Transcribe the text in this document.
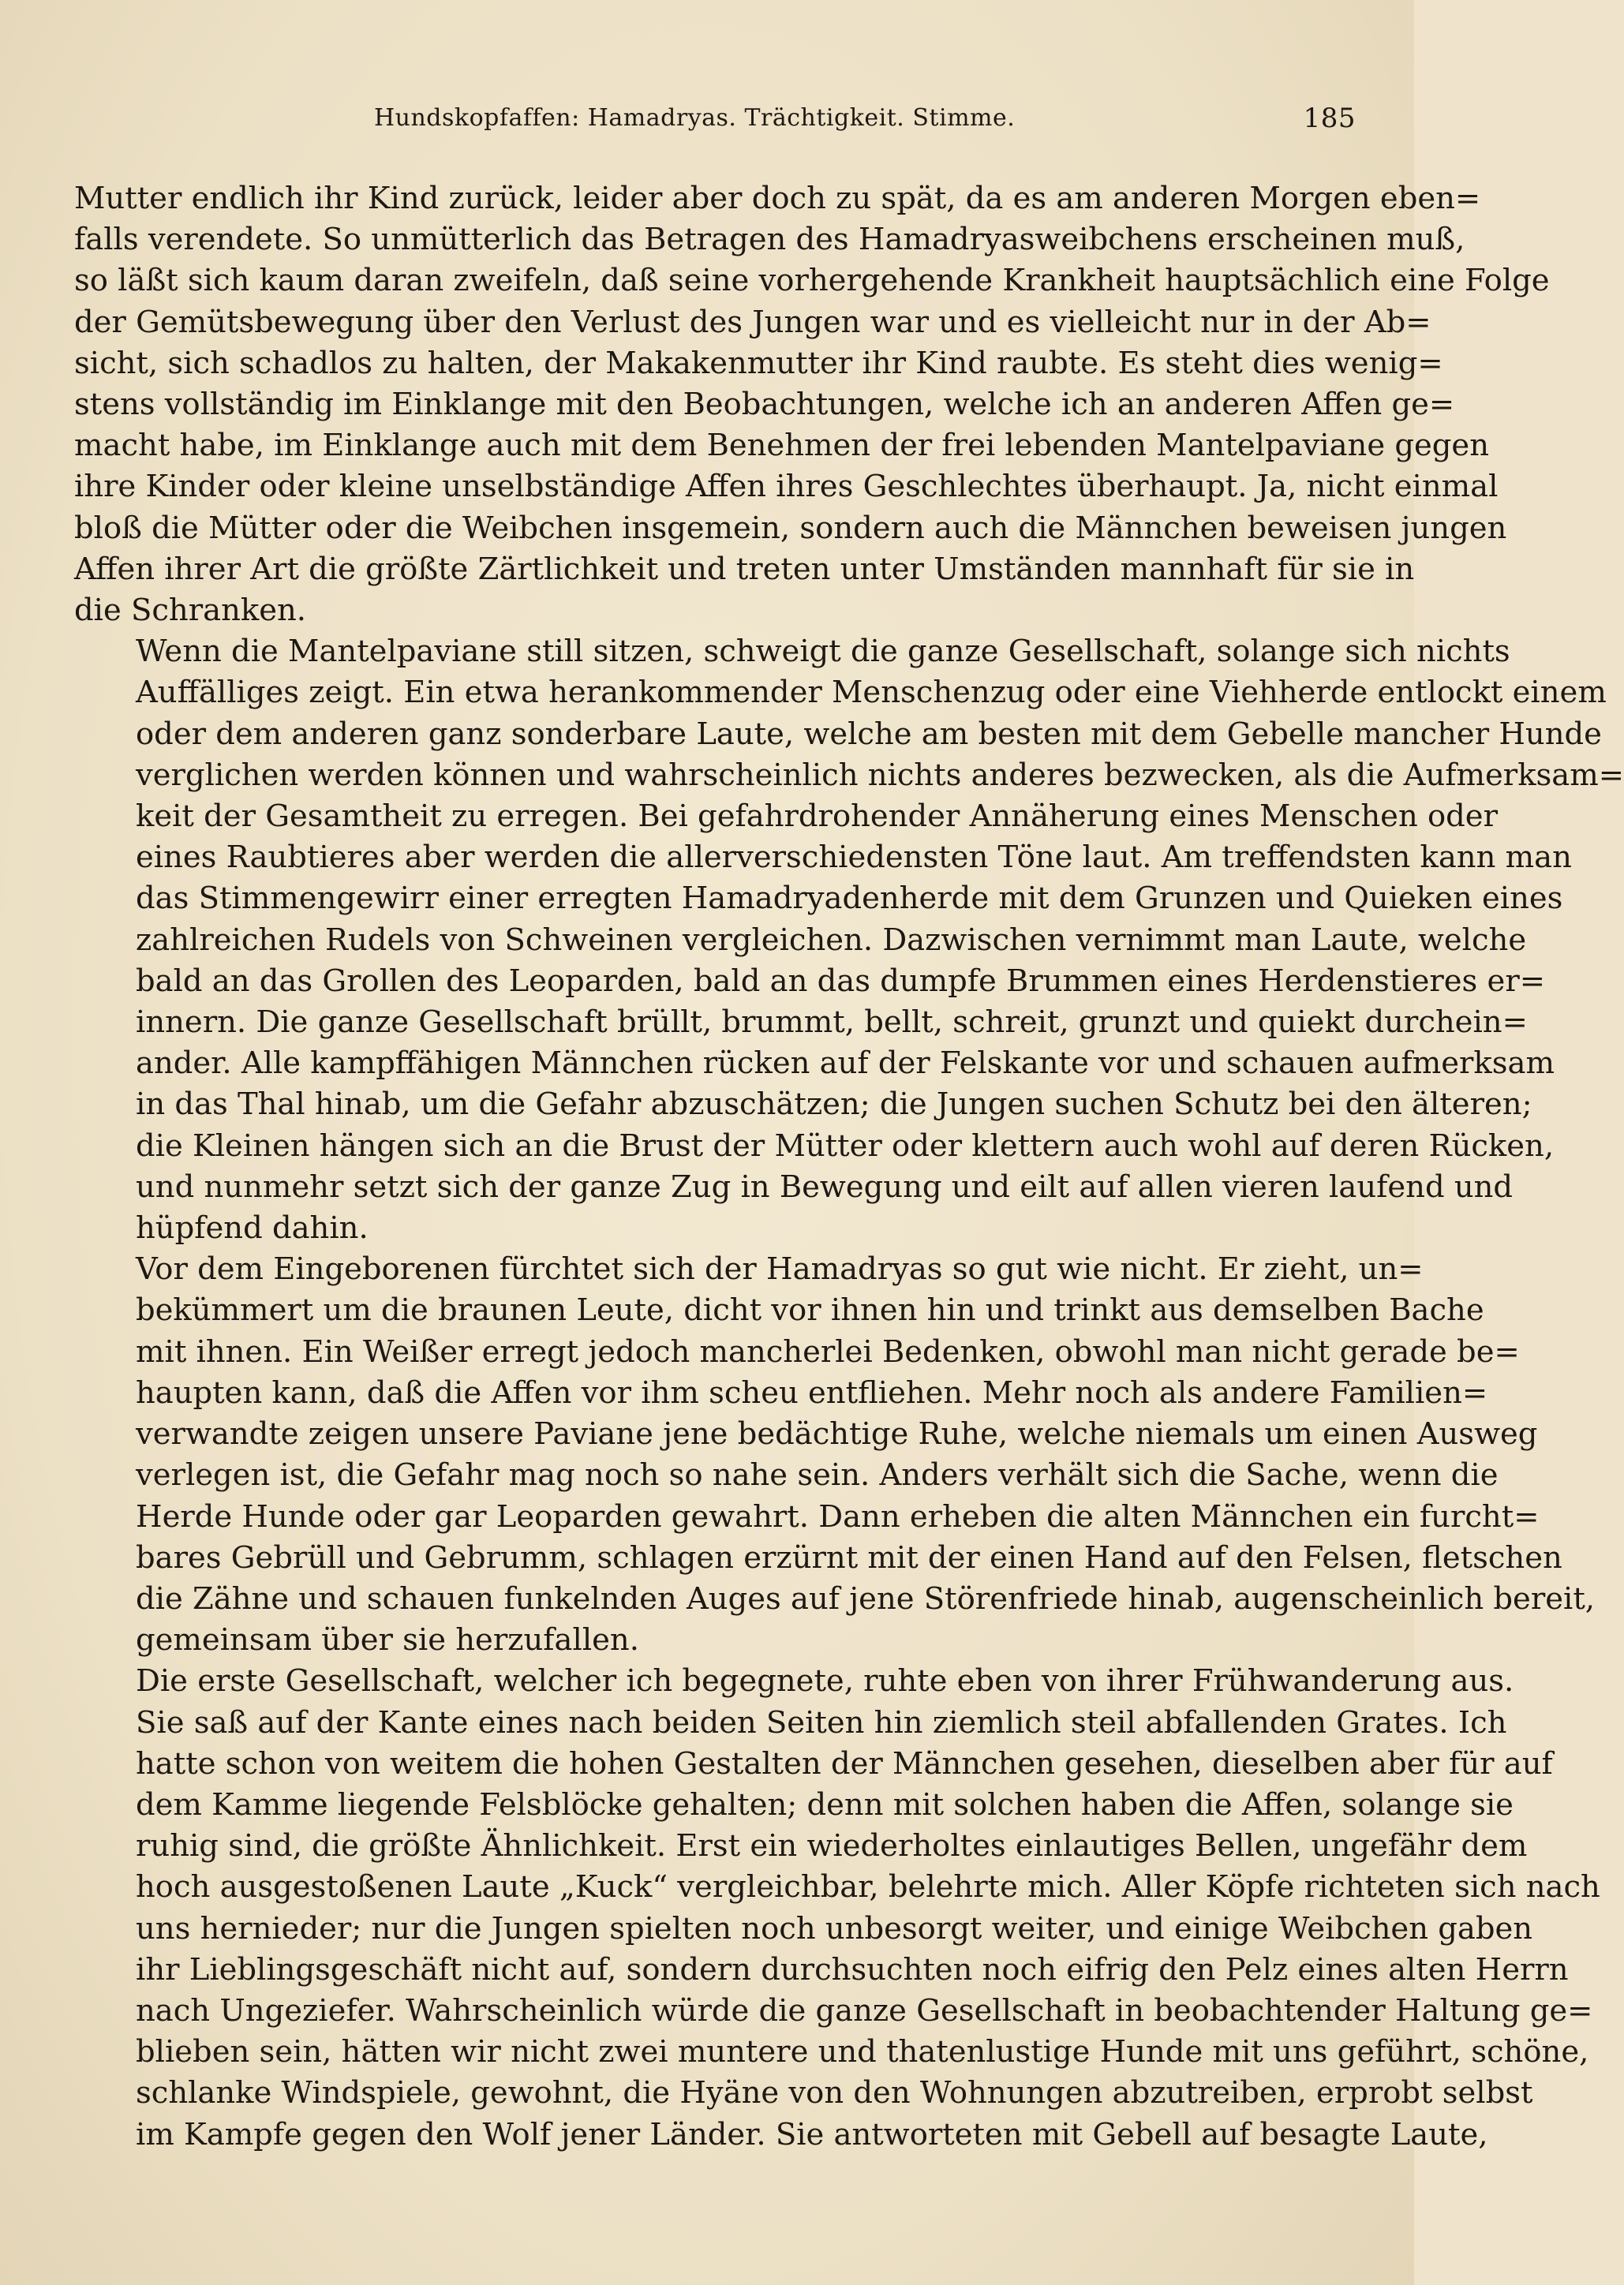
Hundskopfaffen: Hamadryas. Trächtigkeit. Stimme.	185

Mutter endlich ihr Kind zurück, leider aber doch zu spät, da es am anderen Morgen eben=
falls verendete. So unmütterlich das Betragen des Hamadryasweibchens erscheinen muß,
so läßt sich kaum daran zweifeln, daß seine vorhergehende Krankheit hauptsächlich eine Folge
der Gemütsbewegung über den Verlust des Jungen war und es vielleicht nur in der Ab=
sicht, sich schadlos zu halten, der Makakenmutter ihr Kind raubte. Es steht dies wenig=
stens vollständig im Einklange mit den Beobachtungen, welche ich an anderen Affen ge=
macht habe, im Einklange auch mit dem Benehmen der frei lebenden Mantelpaviane gegen
ihre Kinder oder kleine unselbständige Affen ihres Geschlechtes überhaupt. Ja, nicht einmal
bloß die Mütter oder die Weibchen insgemein, sondern auch die Männchen beweisen jungen
Affen ihrer Art die größte Zärtlichkeit und treten unter Umständen mannhaft für sie in
die Schranken.

Wenn die Mantelpaviane still sitzen, schweigt die ganze Gesellschaft, solange sich nichts
Auffälliges zeigt. Ein etwa herankommender Menschenzug oder eine Viehherde entlockt einem
oder dem anderen ganz sonderbare Laute, welche am besten mit dem Gebelle mancher Hunde
verglichen werden können und wahrscheinlich nichts anderes bezwecken, als die Aufmerksam=
keit der Gesamtheit zu erregen. Bei gefahrdrohender Annäherung eines Menschen oder
eines Raubtieres aber werden die allerverschiedensten Töne laut. Am treffendsten kann man
das Stimmengewirr einer erregten Hamadryadenherde mit dem Grunzen und Quieken eines
zahlreichen Rudels von Schweinen vergleichen. Dazwischen vernimmt man Laute, welche
bald an das Grollen des Leoparden, bald an das dumpfe Brummen eines Herdenstieres er=
innern. Die ganze Gesellschaft brüllt, brummt, bellt, schreit, grunzt und quiekt durchein=
ander. Alle kampffähigen Männchen rücken auf der Felskante vor und schauen aufmerksam
in das Thal hinab, um die Gefahr abzuschätzen; die Jungen suchen Schutz bei den älteren;
die Kleinen hängen sich an die Brust der Mütter oder klettern auch wohl auf deren Rücken,
und nunmehr setzt sich der ganze Zug in Bewegung und eilt auf allen vieren laufend und
hüpfend dahin.

Vor dem Eingeborenen fürchtet sich der Hamadryas so gut wie nicht. Er zieht, un=
bekümmert um die braunen Leute, dicht vor ihnen hin und trinkt aus demselben Bache
mit ihnen. Ein Weißer erregt jedoch mancherlei Bedenken, obwohl man nicht gerade be=
haupten kann, daß die Affen vor ihm scheu entfliehen. Mehr noch als andere Familien=
verwandte zeigen unsere Paviane jene bedächtige Ruhe, welche niemals um einen Ausweg
verlegen ist, die Gefahr mag noch so nahe sein. Anders verhält sich die Sache, wenn die
Herde Hunde oder gar Leoparden gewahrt. Dann erheben die alten Männchen ein furcht=
bares Gebrüll und Gebrumm, schlagen erzürnt mit der einen Hand auf den Felsen, fletschen
die Zähne und schauen funkelnden Auges auf jene Störenfriede hinab, augenscheinlich bereit,
gemeinsam über sie herzufallen.

Die erste Gesellschaft, welcher ich begegnete, ruhte eben von ihrer Frühwanderung aus.
Sie saß auf der Kante eines nach beiden Seiten hin ziemlich steil abfallenden Grates. Ich
hatte schon von weitem die hohen Gestalten der Männchen gesehen, dieselben aber für auf
dem Kamme liegende Felsblöcke gehalten; denn mit solchen haben die Affen, solange sie
ruhig sind, die größte Ähnlichkeit. Erst ein wiederholtes einlautiges Bellen, ungefähr dem
hoch ausgestoßenen Laute „Kuck“ vergleichbar, belehrte mich. Aller Köpfe richteten sich nach
uns hernieder; nur die Jungen spielten noch unbesorgt weiter, und einige Weibchen gaben
ihr Lieblingsgeschäft nicht auf, sondern durchsuchten noch eifrig den Pelz eines alten Herrn
nach Ungeziefer. Wahrscheinlich würde die ganze Gesellschaft in beobachtender Haltung ge=
blieben sein, hätten wir nicht zwei muntere und thatenlustige Hunde mit uns geführt, schöne,
schlanke Windspiele, gewohnt, die Hyäne von den Wohnungen abzutreiben, erprobt selbst
im Kampfe gegen den Wolf jener Länder. Sie antworteten mit Gebell auf besagte Laute,
